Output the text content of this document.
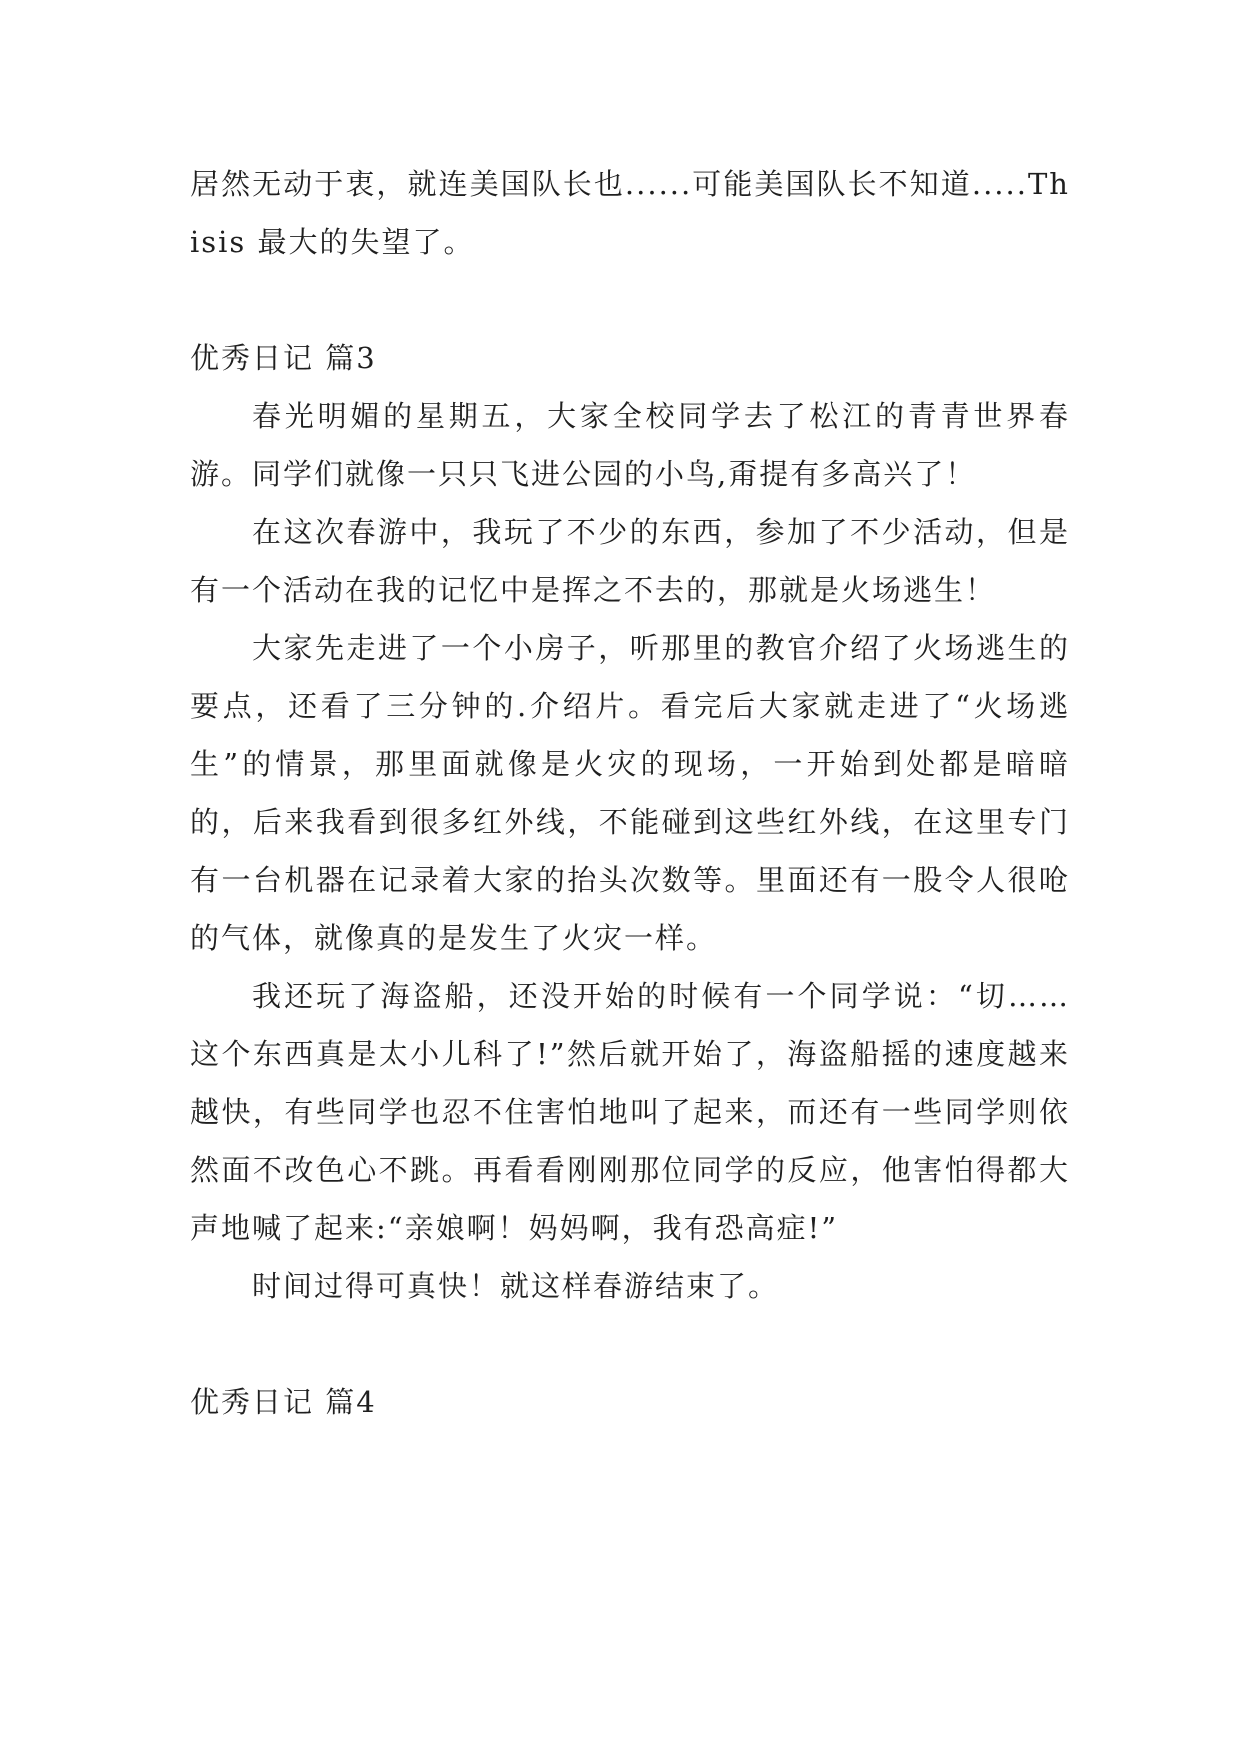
居然无动于衷，就连美国队长也......可能美国队长不知道.....Thisis 最大的失望了。

优秀日记 篇3

春光明媚的星期五，大家全校同学去了松江的青青世界春游。同学们就像一只只飞进公园的小鸟,甭提有多高兴了！

在这次春游中，我玩了不少的东西，参加了不少活动，但是有一个活动在我的记忆中是挥之不去的，那就是火场逃生！

大家先走进了一个小房子，听那里的教官介绍了火场逃生的要点，还看了三分钟的.介绍片。看完后大家就走进了“火场逃生”的情景，那里面就像是火灾的现场，一开始到处都是暗暗的，后来我看到很多红外线，不能碰到这些红外线，在这里专门有一台机器在记录着大家的抬头次数等。里面还有一股令人很呛的气体，就像真的是发生了火灾一样。

我还玩了海盗船，还没开始的时候有一个同学说：“切……这个东西真是太小儿科了!”然后就开始了，海盗船摇的速度越来越快，有些同学也忍不住害怕地叫了起来，而还有一些同学则依然面不改色心不跳。再看看刚刚那位同学的反应，他害怕得都大声地喊了起来:“亲娘啊！妈妈啊，我有恐高症!”

时间过得可真快！就这样春游结束了。

优秀日记 篇4
